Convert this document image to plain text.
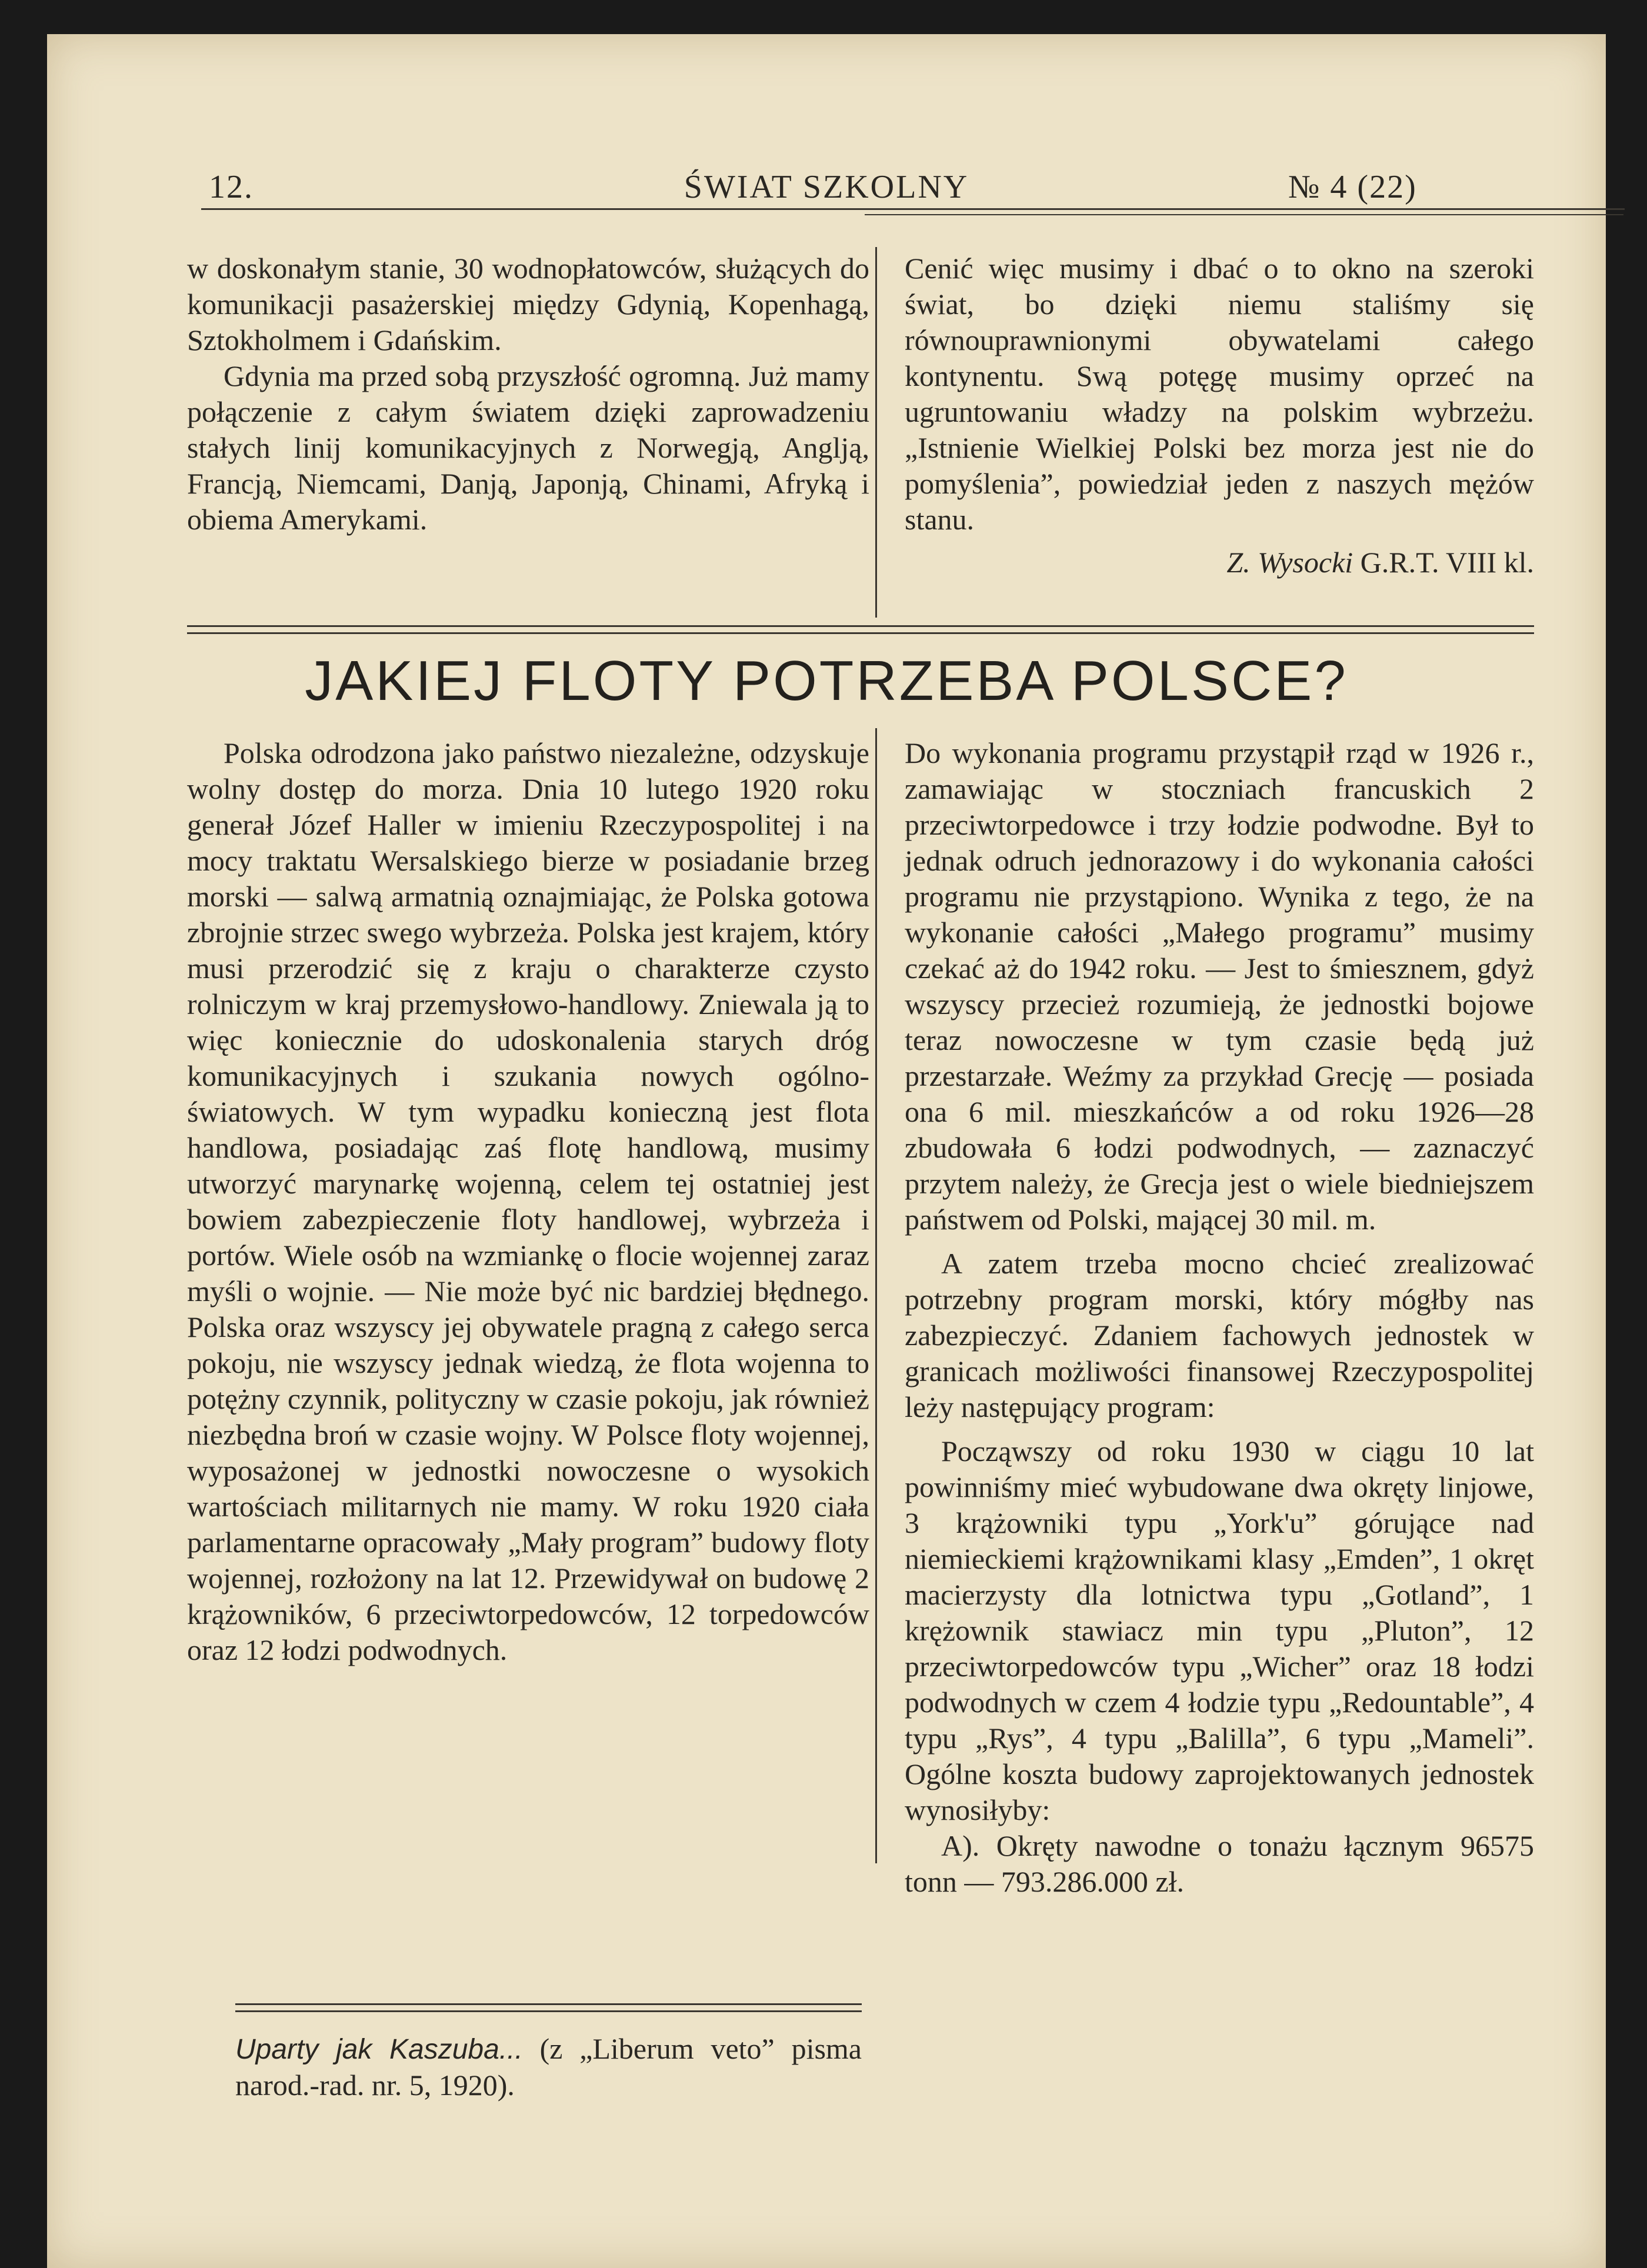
12.	ŚWIAT SZKOLNY	№ 4 (22)

w doskonałym stanie, 30 wodnopłatowców, służących do komunikacji pasażerskiej między Gdynią, Kopenhagą, Sztokholmem i Gdańskim.

Gdynia ma przed sobą przyszłość ogromną. Już mamy połączenie z całym światem dzięki zaprowadzeniu stałych linij komunikacyjnych z Norwegją, Anglją, Francją, Niemcami, Danją, Japonją, Chinami, Afryką i obiema Amerykami.

Cenić więc musimy i dbać o to okno na szeroki świat, bo dzięki niemu staliśmy się równouprawnionymi obywatelami całego kontynentu. Swą potęgę musimy oprzeć na ugruntowaniu władzy na polskim wybrzeżu. „Istnienie Wielkiej Polski bez morza jest nie do pomyślenia”, powiedział jeden z naszych mężów stanu.

Z. Wysocki G.R.T. VIII kl.

JAKIEJ FLOTY POTRZEBA POLSCE?

Polska odrodzona jako państwo niezależne, odzyskuje wolny dostęp do morza. Dnia 10 lutego 1920 roku generał Józef Haller w imieniu Rzeczypospolitej i na mocy traktatu Wersalskiego bierze w posiadanie brzeg morski — salwą armatnią oznajmiając, że Polska gotowa zbrojnie strzec swego wybrzeża. Polska jest krajem, który musi przerodzić się z kraju o charakterze czysto rolniczym w kraj przemysłowo-handlowy. Zniewala ją to więc koniecznie do udoskonalenia starych dróg komunikacyjnych i szukania nowych ogólno-światowych. W tym wypadku konieczną jest flota handlowa, posiadając zaś flotę handlową, musimy utworzyć marynarkę wojenną, celem tej ostatniej jest bowiem zabezpieczenie floty handlowej, wybrzeża i portów. Wiele osób na wzmiankę o flocie wojennej zaraz myśli o wojnie. — Nie może być nic bardziej błędnego. Polska oraz wszyscy jej obywatele pragną z całego serca pokoju, nie wszyscy jednak wiedzą, że flota wojenna to potężny czynnik, polityczny w czasie pokoju, jak również niezbędna broń w czasie wojny. W Polsce floty wojennej, wyposażonej w jednostki nowoczesne o wysokich wartościach militarnych nie mamy. W roku 1920 ciała parlamentarne opracowały „Mały program” budowy floty wojennej, rozłożony na lat 12. Przewidywał on budowę 2 krążowników, 6 przeciwtorpedowców, 12 torpedowców oraz 12 łodzi podwodnych.

Do wykonania programu przystąpił rząd w 1926 r., zamawiając w stoczniach francuskich 2 przeciwtorpedowce i trzy łodzie podwodne. Był to jednak odruch jednorazowy i do wykonania całości programu nie przystąpiono. Wynika z tego, że na wykonanie całości „Małego programu” musimy czekać aż do 1942 roku. — Jest to śmiesznem, gdyż wszyscy przecież rozumieją, że jednostki bojowe teraz nowoczesne w tym czasie będą już przestarzałe. Weźmy za przykład Grecję — posiada ona 6 mil. mieszkańców a od roku 1926—28 zbudowała 6 łodzi podwodnych, — zaznaczyć przytem należy, że Grecja jest o wiele biedniejszem państwem od Polski, mającej 30 mil. m.

A zatem trzeba mocno chcieć zrealizować potrzebny program morski, który mógłby nas zabezpieczyć. Zdaniem fachowych jednostek w granicach możliwości finansowej Rzeczypospolitej leży następujący program:

Począwszy od roku 1930 w ciągu 10 lat powinniśmy mieć wybudowane dwa okręty linjowe, 3 krążowniki typu „York'u” górujące nad niemieckiemi krążownikami klasy „Emden”, 1 okręt macierzysty dla lotnictwa typu „Gotland”, 1 krężownik stawiacz min typu „Pluton”, 12 przeciwtorpedowców typu „Wicher” oraz 18 łodzi podwodnych w czem 4 łodzie typu „Redountable”, 4 typu „Rys”, 4 typu „Balilla”, 6 typu „Mameli”. Ogólne koszta budowy zaprojektowanych jednostek wynosiłyby:

A). Okręty nawodne o tonażu łącznym 96575 tonn — 793.286.000 zł.

Uparty jak Kaszuba... (z „Liberum veto” pisma narod.-rad. nr. 5, 1920).
